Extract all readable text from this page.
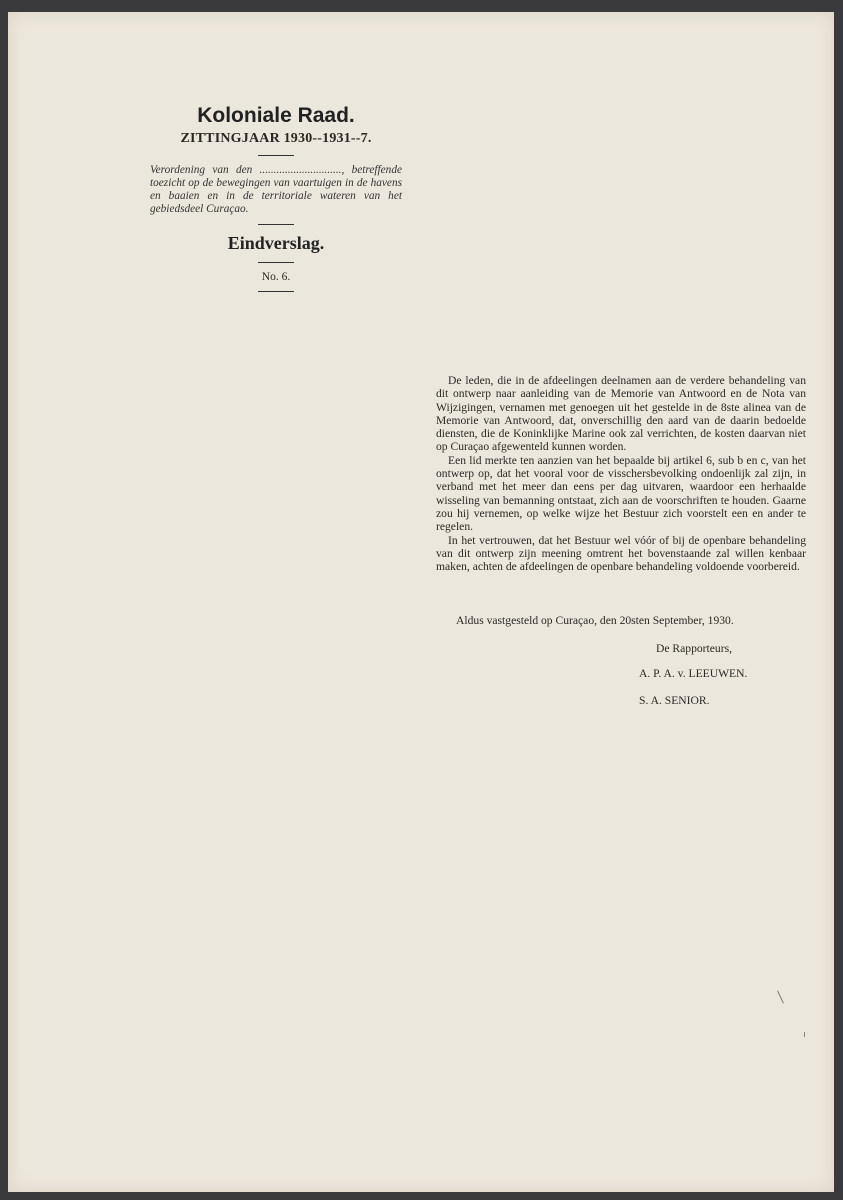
Koloniale Raad.
ZITTINGJAAR 1930--1931--7.
Verordening van den ............................., betreffende toezicht op de bewegingen van vaartuigen in de havens en baaien en in de territoriale wateren van het gebiedsdeel Curaçao.
Eindverslag.
No. 6.

De leden, die in de afdeelingen deelnamen aan de verdere behandeling van dit ontwerp naar aanleiding van de Memorie van Antwoord en de Nota van Wijzigingen, vernamen met genoegen uit het gestelde in de 8ste alinea van de Memorie van Antwoord, dat, onverschillig den aard van de daarin bedoelde diensten, die de Koninklijke Marine ook zal verrichten, de kosten daarvan niet op Curaçao afgewenteld kunnen worden.

Een lid merkte ten aanzien van het bepaalde bij artikel 6, sub b en c, van het ontwerp op, dat het vooral voor de visschersbevolking ondoenlijk zal zijn, in verband met het meer dan eens per dag uitvaren, waardoor een herhaalde wisseling van bemanning ontstaat, zich aan de voorschriften te houden. Gaarne zou hij vernemen, op welke wijze het Bestuur zich voorstelt een en ander te regelen.

In het vertrouwen, dat het Bestuur wel vóór of bij de openbare behandeling van dit ontwerp zijn meening omtrent het bovenstaande zal willen kenbaar maken, achten de afdeelingen de openbare behandeling voldoende voorbereid.

Aldus vastgesteld op Curaçao, den 20sten September, 1930.
De Rapporteurs,
A. P. A. v. LEEUWEN.
S. A. SENIOR.
